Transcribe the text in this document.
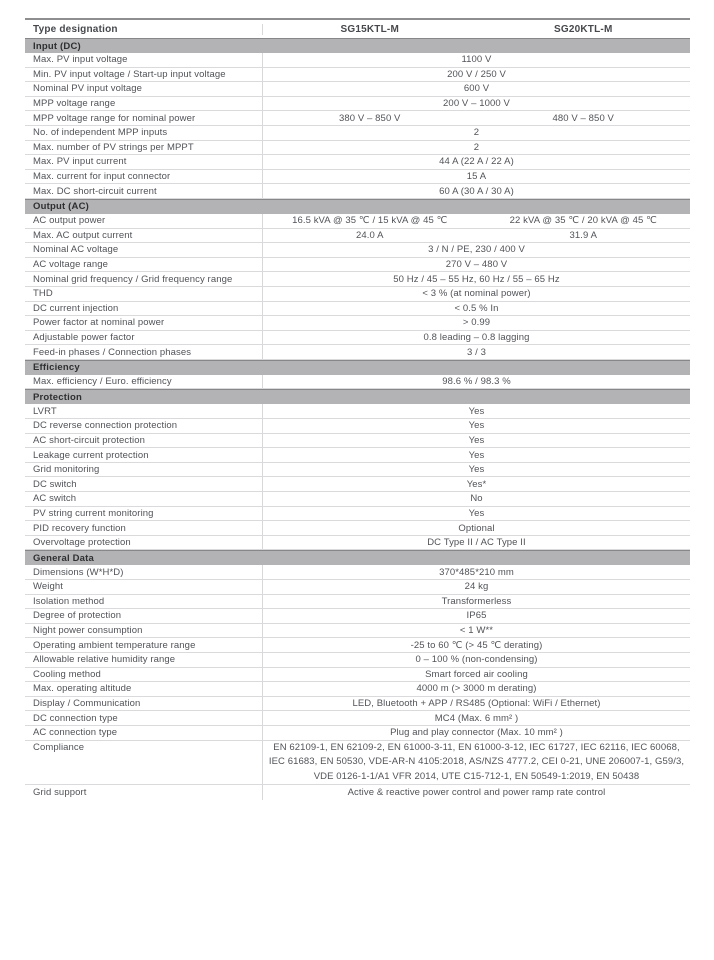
Type designation	SG15KTL-M	SG20KTL-M
Input (DC)
Max. PV input voltage	1100 V
Min. PV input voltage / Start-up input voltage	200 V / 250 V
Nominal PV input voltage	600 V
MPP voltage range	200 V – 1000 V
MPP voltage range for nominal power	380 V – 850 V	480 V – 850 V
No. of independent MPP inputs	2
Max. number of PV strings per MPPT	2
Max. PV input current	44 A (22 A / 22 A)
Max. current for input connector	15 A
Max. DC short-circuit current	60 A (30 A / 30 A)
Output (AC)
AC output power	16.5 kVA @ 35 ℃ / 15 kVA @ 45 ℃	22 kVA @ 35 ℃ / 20 kVA @ 45 ℃
Max. AC output current	24.0 A	31.9 A
Nominal AC voltage	3 / N / PE, 230 / 400 V
AC voltage range	270 V – 480 V
Nominal grid frequency / Grid frequency range	50 Hz / 45 – 55 Hz, 60 Hz / 55 – 65 Hz
THD	< 3 % (at nominal power)
DC current injection	< 0.5 % In
Power factor at nominal power	> 0.99
Adjustable power factor	0.8 leading – 0.8 lagging
Feed-in phases / Connection phases	3 / 3
Efficiency
Max. efficiency / Euro. efficiency	98.6 % / 98.3 %
Protection
LVRT	Yes
DC reverse connection protection	Yes
AC short-circuit protection	Yes
Leakage current protection	Yes
Grid monitoring	Yes
DC switch	Yes*
AC switch	No
PV string current monitoring	Yes
PID recovery function	Optional
Overvoltage protection	DC Type II / AC Type II
General Data
Dimensions (W*H*D)	370*485*210 mm
Weight	24 kg
Isolation method	Transformerless
Degree of protection	IP65
Night power consumption	< 1 W**
Operating ambient temperature range	-25 to 60 ℃ (> 45 ℃ derating)
Allowable relative humidity range	0 – 100 % (non-condensing)
Cooling method	Smart forced air cooling
Max. operating altitude	4000 m (> 3000 m derating)
Display / Communication	LED, Bluetooth + APP / RS485 (Optional: WiFi / Ethernet)
DC connection type	MC4 (Max. 6 mm² )
AC connection type	Plug and play connector (Max. 10 mm² )
Compliance	EN 62109-1, EN 62109-2, EN 61000-3-11, EN 61000-3-12, IEC 61727, IEC 62116, IEC 60068,
IEC 61683, EN 50530, VDE-AR-N 4105:2018, AS/NZS 4777.2, CEI 0-21, UNE 206007-1, G59/3,
VDE 0126-1-1/A1 VFR 2014, UTE C15-712-1, EN 50549-1:2019, EN 50438
Grid support	Active & reactive power control and power ramp rate control
